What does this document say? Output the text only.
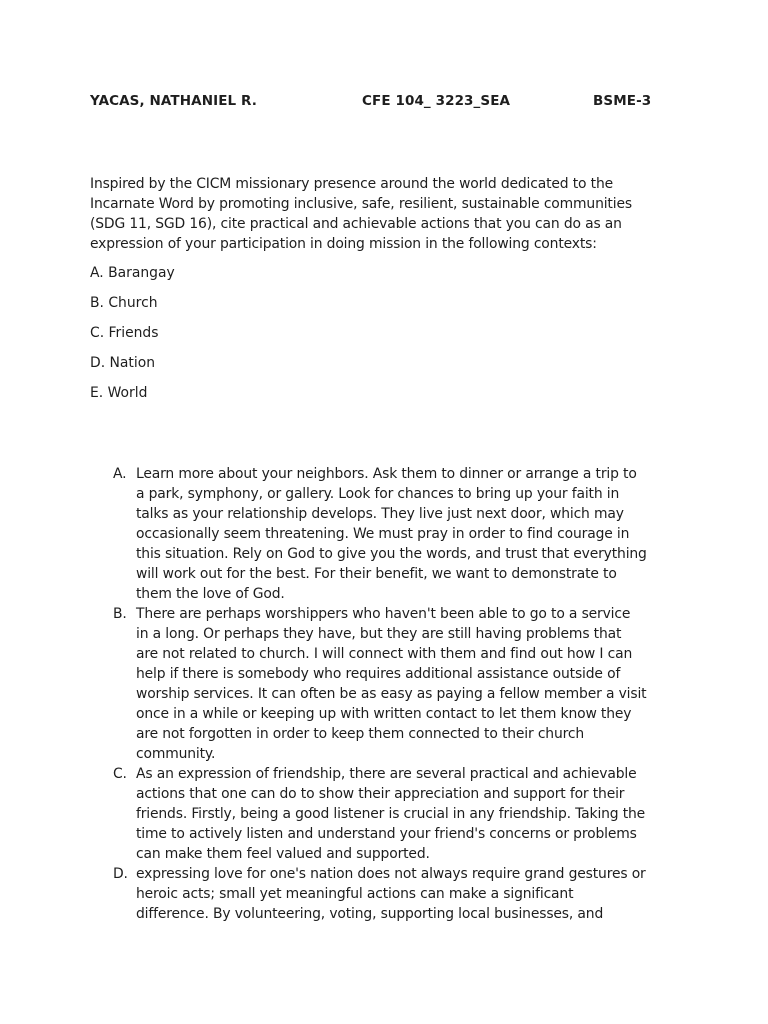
YACAS, NATHANIEL R.	CFE 104_ 3223_SEA	BSME-3
Inspired by the CICM missionary presence around the world dedicated to the
Incarnate Word by promoting inclusive, safe, resilient, sustainable communities
(SDG 11, SGD 16), cite practical and achievable actions that you can do as an
expression of your participation in doing mission in the following contexts:
A. Barangay
B. Church
C. Friends
D. Nation
E. World
A. Learn more about your neighbors. Ask them to dinner or arrange a trip to
a park, symphony, or gallery. Look for chances to bring up your faith in
talks as your relationship develops. They live just next door, which may
occasionally seem threatening. We must pray in order to find courage in
this situation. Rely on God to give you the words, and trust that everything
will work out for the best. For their benefit, we want to demonstrate to
them the love of God.
B. There are perhaps worshippers who haven't been able to go to a service
in a long. Or perhaps they have, but they are still having problems that
are not related to church. I will connect with them and find out how I can
help if there is somebody who requires additional assistance outside of
worship services. It can often be as easy as paying a fellow member a visit
once in a while or keeping up with written contact to let them know they
are not forgotten in order to keep them connected to their church
community.
C. As an expression of friendship, there are several practical and achievable
actions that one can do to show their appreciation and support for their
friends. Firstly, being a good listener is crucial in any friendship. Taking the
time to actively listen and understand your friend's concerns or problems
can make them feel valued and supported.
D. expressing love for one's nation does not always require grand gestures or
heroic acts; small yet meaningful actions can make a significant
difference. By volunteering, voting, supporting local businesses, and
